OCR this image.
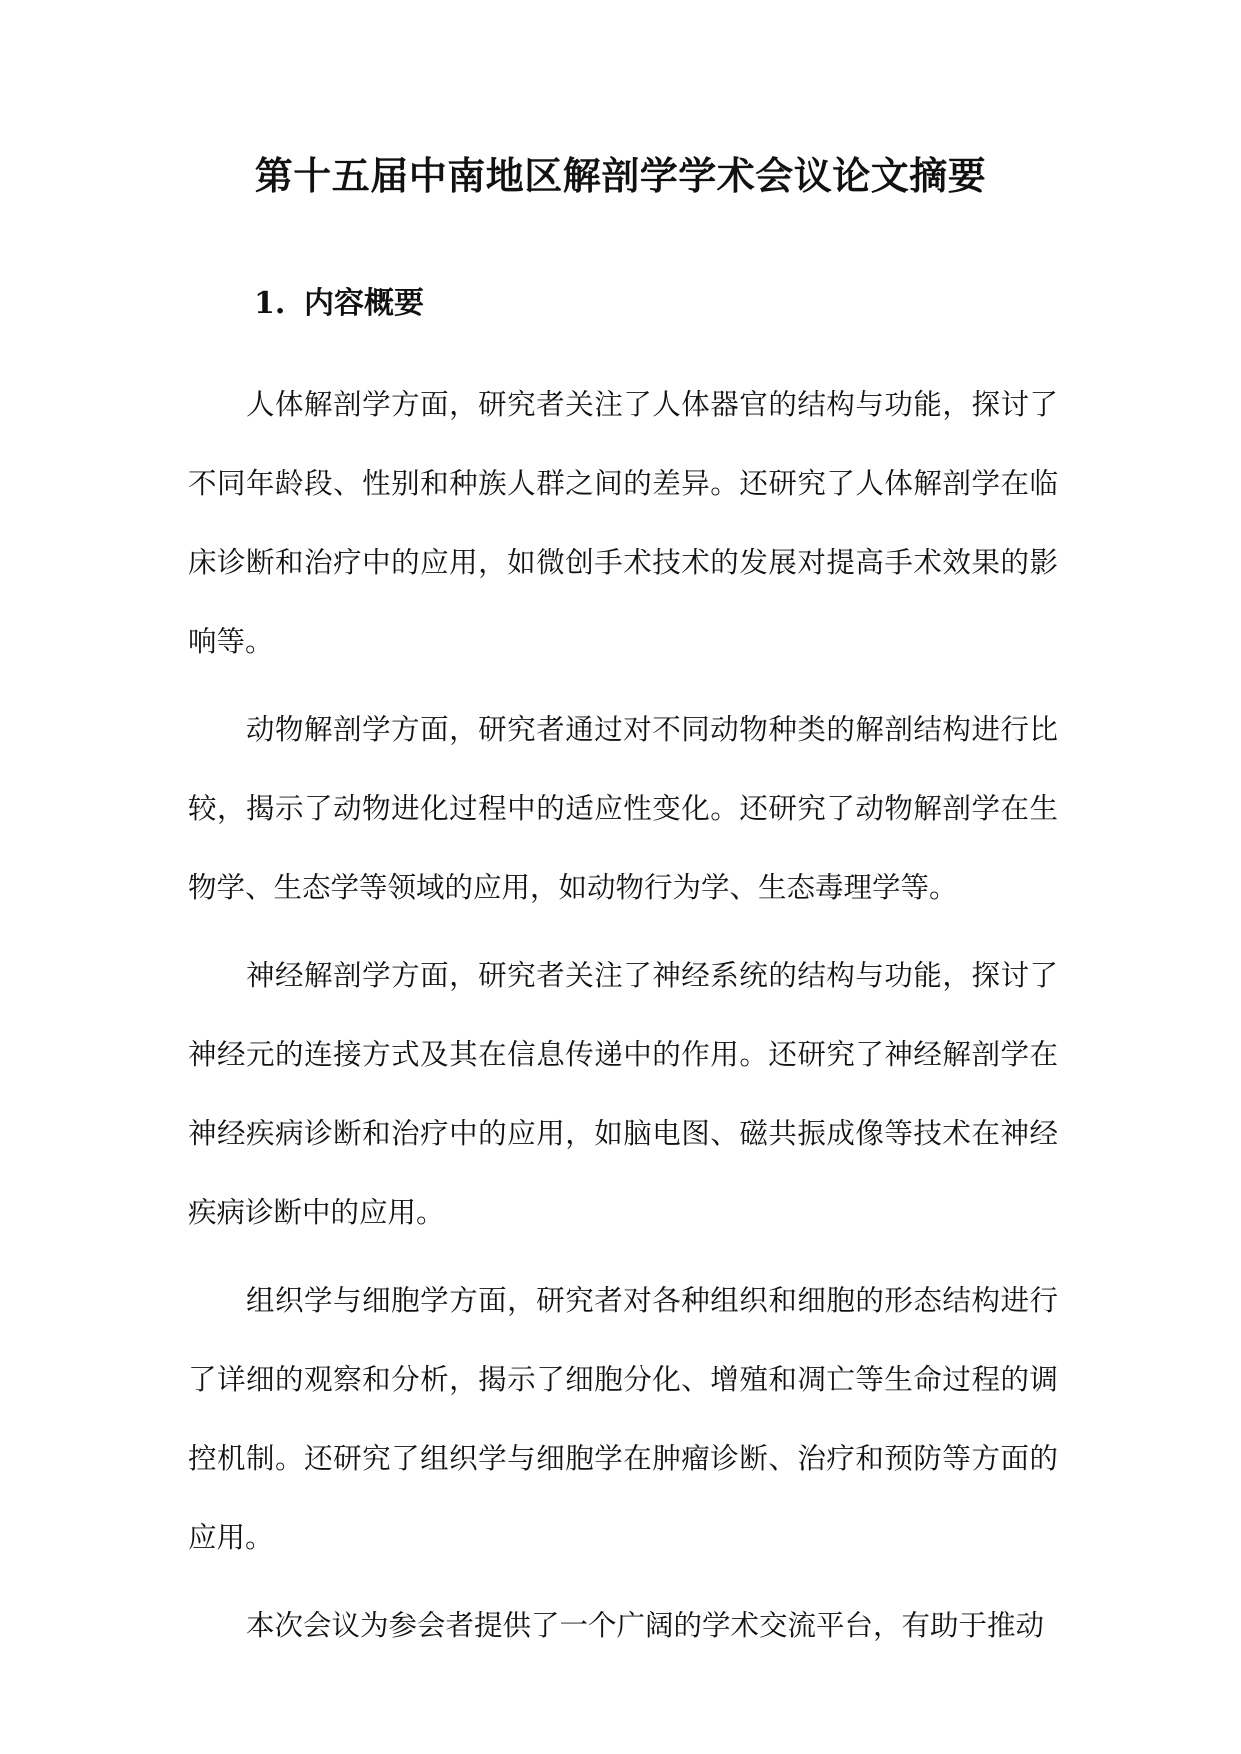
第十五届中南地区解剖学学术会议论文摘要
1. 内容概要

人体解剖学方面，研究者关注了人体器官的结构与功能，探讨了不同年龄段、性别和种族人群之间的差异。还研究了人体解剖学在临床诊断和治疗中的应用，如微创手术技术的发展对提高手术效果的影响等。

动物解剖学方面，研究者通过对不同动物种类的解剖结构进行比较，揭示了动物进化过程中的适应性变化。还研究了动物解剖学在生物学、生态学等领域的应用，如动物行为学、生态毒理学等。

神经解剖学方面，研究者关注了神经系统的结构与功能，探讨了神经元的连接方式及其在信息传递中的作用。还研究了神经解剖学在神经疾病诊断和治疗中的应用，如脑电图、磁共振成像等技术在神经疾病诊断中的应用。

组织学与细胞学方面，研究者对各种组织和细胞的形态结构进行了详细的观察和分析，揭示了细胞分化、增殖和凋亡等生命过程的调控机制。还研究了组织学与细胞学在肿瘤诊断、治疗和预防等方面的应用。

本次会议为参会者提供了一个广阔的学术交流平台，有助于推动
